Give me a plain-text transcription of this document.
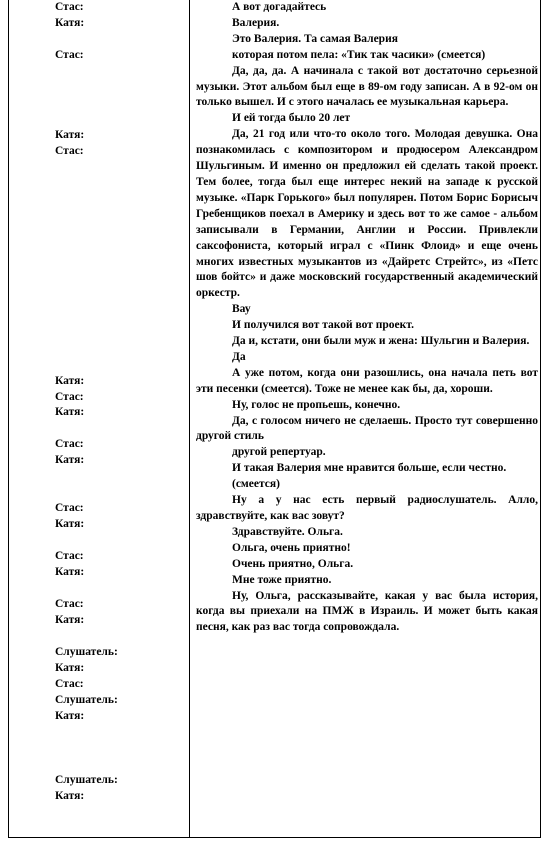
Стас:
Катя:
Стас:
Катя:
Стас:
Катя:
Стас:
Катя:
Стас:
Катя:
Стас:
Катя:
Стас:
Катя:
Стас:
Катя:
Слушатель:
Катя:
Стас:
Слушатель:
Катя:
Слушатель:
Катя:

А вот догадайтесь

Валерия.

Это Валерия. Та самая Валерия

которая потом пела: «Тик так часики» (смеется)

Да, да, да. А начинала с такой вот достаточно серьезной музыки. Этот альбом был еще в 89-ом году записан. А в 92-ом он только вышел. И с этого началась ее музыкальная карьера.

И ей тогда было 20 лет

Да, 21 год или что-то около того. Молодая девушка. Она познакомилась с композитором и продюсером Александром Шульгиным. И именно он предложил ей сделать такой проект. Тем более, тогда был еще интерес некий на западе к русской музыке. «Парк Горького» был популярен. Потом Борис Борисыч Гребенщиков поехал в Америку и здесь вот то же самое - альбом записывали в Германии, Англии и России. Привлекли саксофониста, который играл с «Пинк Флоид» и еще очень многих известных музыкантов из «Дайретс Стрейтс», из «Петс шов бойтс» и даже московский государственный академический оркестр.

Вау

И получился вот такой вот проект.

Да и, кстати, они были муж и жена: Шульгин и Валерия.

Да

А уже потом, когда они разошлись, она начала петь вот эти песенки (смеется). Тоже не менее как бы, да, хороши.

Ну, голос не пропьешь, конечно.

Да, с голосом ничего не сделаешь. Просто тут совершенно другой стиль

другой репертуар.

И такая Валерия мне нравится больше, если честно.

(смеется)

Ну а у нас есть первый радиослушатель. Алло, здравствуйте, как вас зовут?

Здравствуйте. Ольга.

Ольга, очень приятно!

Очень приятно, Ольга.

Мне тоже приятно.

Ну, Ольга, рассказывайте, какая у вас была история, когда вы приехали на ПМЖ в Израиль. И может быть какая песня, как раз вас тогда сопровождала.
